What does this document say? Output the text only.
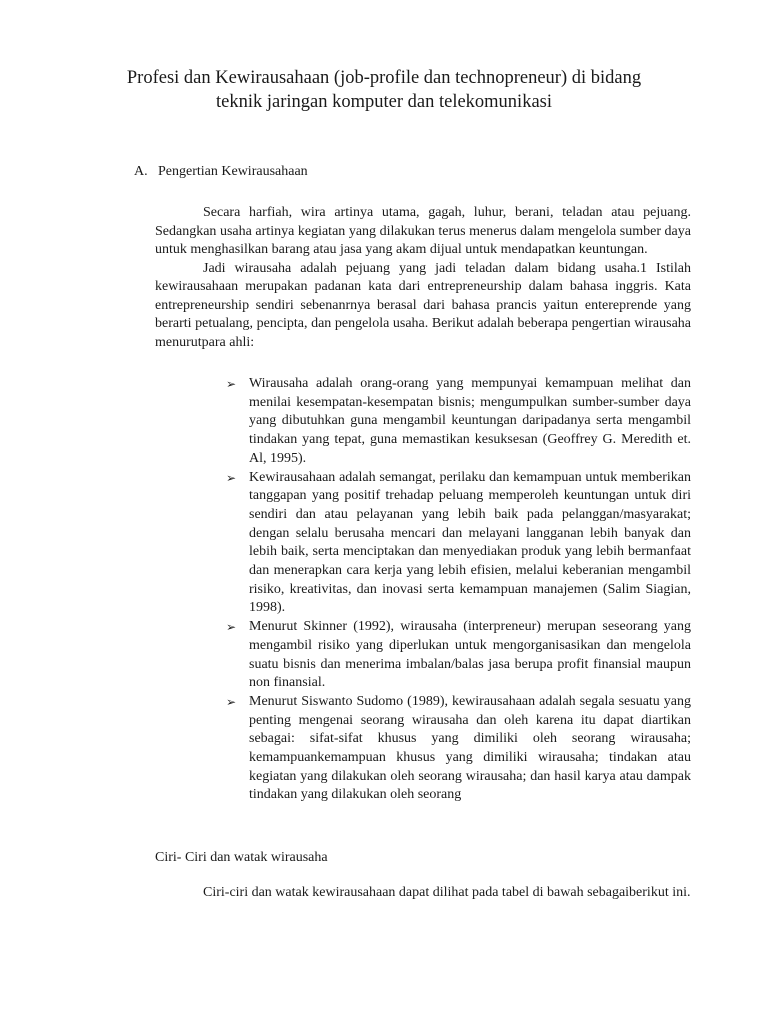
Profesi dan Kewirausahaan (job-profile dan technopreneur) di bidang
teknik jaringan komputer dan telekomunikasi
A. Pengertian Kewirausahaan

Secara harfiah, wira artinya utama, gagah, luhur, berani, teladan atau pejuang. Sedangkan usaha artinya kegiatan yang dilakukan terus menerus dalam mengelola sumber daya untuk menghasilkan barang atau jasa yang akam dijual untuk mendapatkan keuntungan.

Jadi wirausaha adalah pejuang yang jadi teladan dalam bidang usaha.1 Istilah kewirausahaan merupakan padanan kata dari entrepreneurship dalam bahasa inggris. Kata entrepreneurship sendiri sebenanrnya berasal dari bahasa prancis yaitun entereprende yang berarti petualang, pencipta, dan pengelola usaha. Berikut adalah beberapa pengertian wirausaha menurutpara ahli:

➢ Wirausaha adalah orang-orang yang mempunyai kemampuan melihat dan menilai kesempatan-kesempatan bisnis; mengumpulkan sumber-sumber daya yang dibutuhkan guna mengambil keuntungan daripadanya serta mengambil tindakan yang tepat, guna memastikan kesuksesan (Geoffrey G. Meredith et. Al, 1995).
➢ Kewirausahaan adalah semangat, perilaku dan kemampuan untuk memberikan tanggapan yang positif trehadap peluang memperoleh keuntungan untuk diri sendiri dan atau pelayanan yang lebih baik pada pelanggan/masyarakat; dengan selalu berusaha mencari dan melayani langganan lebih banyak dan lebih baik, serta menciptakan dan menyediakan produk yang lebih bermanfaat dan menerapkan cara kerja yang lebih efisien, melalui keberanian mengambil risiko, kreativitas, dan inovasi serta kemampuan manajemen (Salim Siagian, 1998).
➢ Menurut Skinner (1992), wirausaha (interpreneur) merupan seseorang yang mengambil risiko yang diperlukan untuk mengorganisasikan dan mengelola suatu bisnis dan menerima imbalan/balas jasa berupa profit finansial maupun non finansial.
➢ Menurut Siswanto Sudomo (1989), kewirausahaan adalah segala sesuatu yang penting mengenai seorang wirausaha dan oleh karena itu dapat diartikan sebagai: sifat-sifat khusus yang dimiliki oleh seorang wirausaha; kemampuankemampuan khusus yang dimiliki wirausaha; tindakan atau kegiatan yang dilakukan oleh seorang wirausaha; dan hasil karya atau dampak tindakan yang dilakukan oleh seorang
Ciri- Ciri dan watak wirausaha

Ciri-ciri dan watak kewirausahaan dapat dilihat pada tabel di bawah sebagaiberikut ini.
